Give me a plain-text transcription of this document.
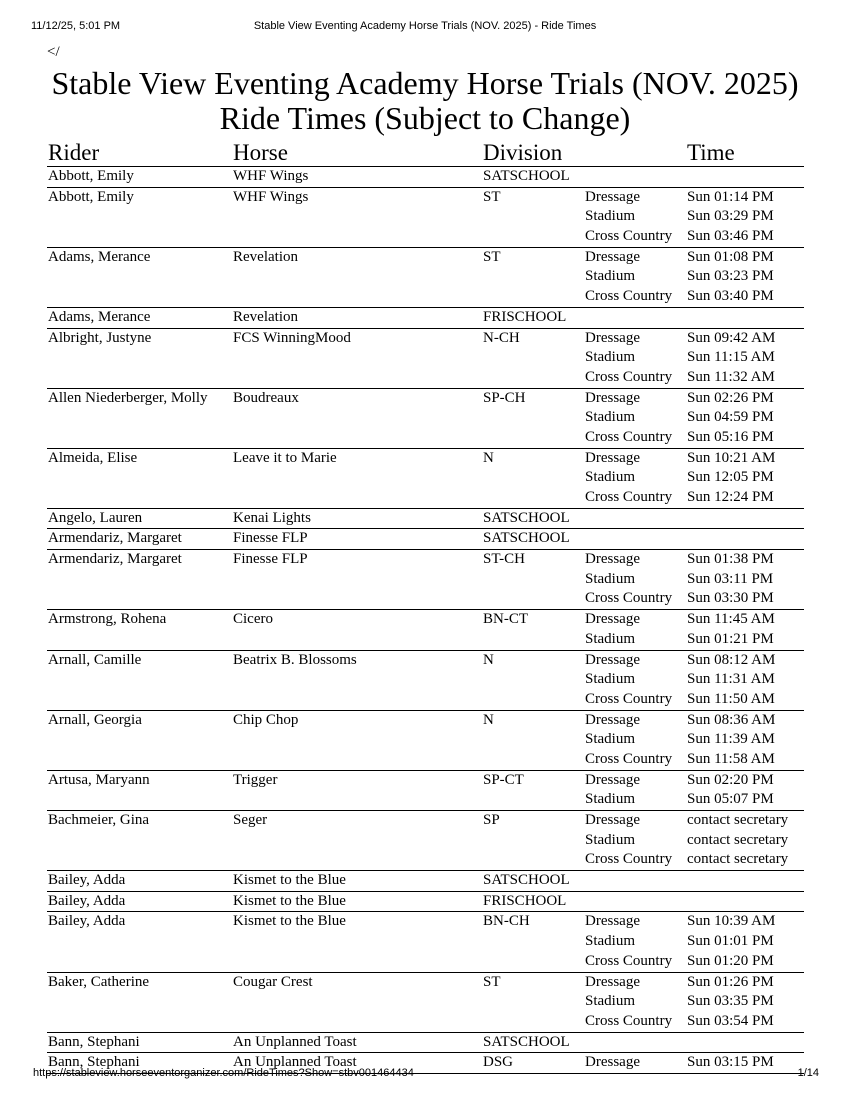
11/12/25, 5:01 PM	Stable View Eventing Academy Horse Trials (NOV. 2025) - Ride Times
</
Stable View Eventing Academy Horse Trials (NOV. 2025)
Ride Times (Subject to Change)
Rider	Horse	Division		Time
Abbott, Emily	WHF Wings	SATSCHOOL		
Abbott, Emily	WHF Wings	ST	Dressage	Sun 01:14 PM
			Stadium	Sun 03:29 PM
			Cross Country	Sun 03:46 PM
Adams, Merance	Revelation	ST	Dressage	Sun 01:08 PM
			Stadium	Sun 03:23 PM
			Cross Country	Sun 03:40 PM
Adams, Merance	Revelation	FRISCHOOL		
Albright, Justyne	FCS WinningMood	N-CH	Dressage	Sun 09:42 AM
			Stadium	Sun 11:15 AM
			Cross Country	Sun 11:32 AM
Allen Niederberger, Molly	Boudreaux	SP-CH	Dressage	Sun 02:26 PM
			Stadium	Sun 04:59 PM
			Cross Country	Sun 05:16 PM
Almeida, Elise	Leave it to Marie	N	Dressage	Sun 10:21 AM
			Stadium	Sun 12:05 PM
			Cross Country	Sun 12:24 PM
Angelo, Lauren	Kenai Lights	SATSCHOOL		
Armendariz, Margaret	Finesse FLP	SATSCHOOL		
Armendariz, Margaret	Finesse FLP	ST-CH	Dressage	Sun 01:38 PM
			Stadium	Sun 03:11 PM
			Cross Country	Sun 03:30 PM
Armstrong, Rohena	Cicero	BN-CT	Dressage	Sun 11:45 AM
			Stadium	Sun 01:21 PM
Arnall, Camille	Beatrix B. Blossoms	N	Dressage	Sun 08:12 AM
			Stadium	Sun 11:31 AM
			Cross Country	Sun 11:50 AM
Arnall, Georgia	Chip Chop	N	Dressage	Sun 08:36 AM
			Stadium	Sun 11:39 AM
			Cross Country	Sun 11:58 AM
Artusa, Maryann	Trigger	SP-CT	Dressage	Sun 02:20 PM
			Stadium	Sun 05:07 PM
Bachmeier, Gina	Seger	SP	Dressage	contact secretary
			Stadium	contact secretary
			Cross Country	contact secretary
Bailey, Adda	Kismet to the Blue	SATSCHOOL		
Bailey, Adda	Kismet to the Blue	FRISCHOOL		
Bailey, Adda	Kismet to the Blue	BN-CH	Dressage	Sun 10:39 AM
			Stadium	Sun 01:01 PM
			Cross Country	Sun 01:20 PM
Baker, Catherine	Cougar Crest	ST	Dressage	Sun 01:26 PM
			Stadium	Sun 03:35 PM
			Cross Country	Sun 03:54 PM
Bann, Stephani	An Unplanned Toast	SATSCHOOL		
Bann, Stephani	An Unplanned Toast	DSG	Dressage	Sun 03:15 PM
https://stableview.horseeventorganizer.com/RideTimes?Show=stbv001464434	1/14
